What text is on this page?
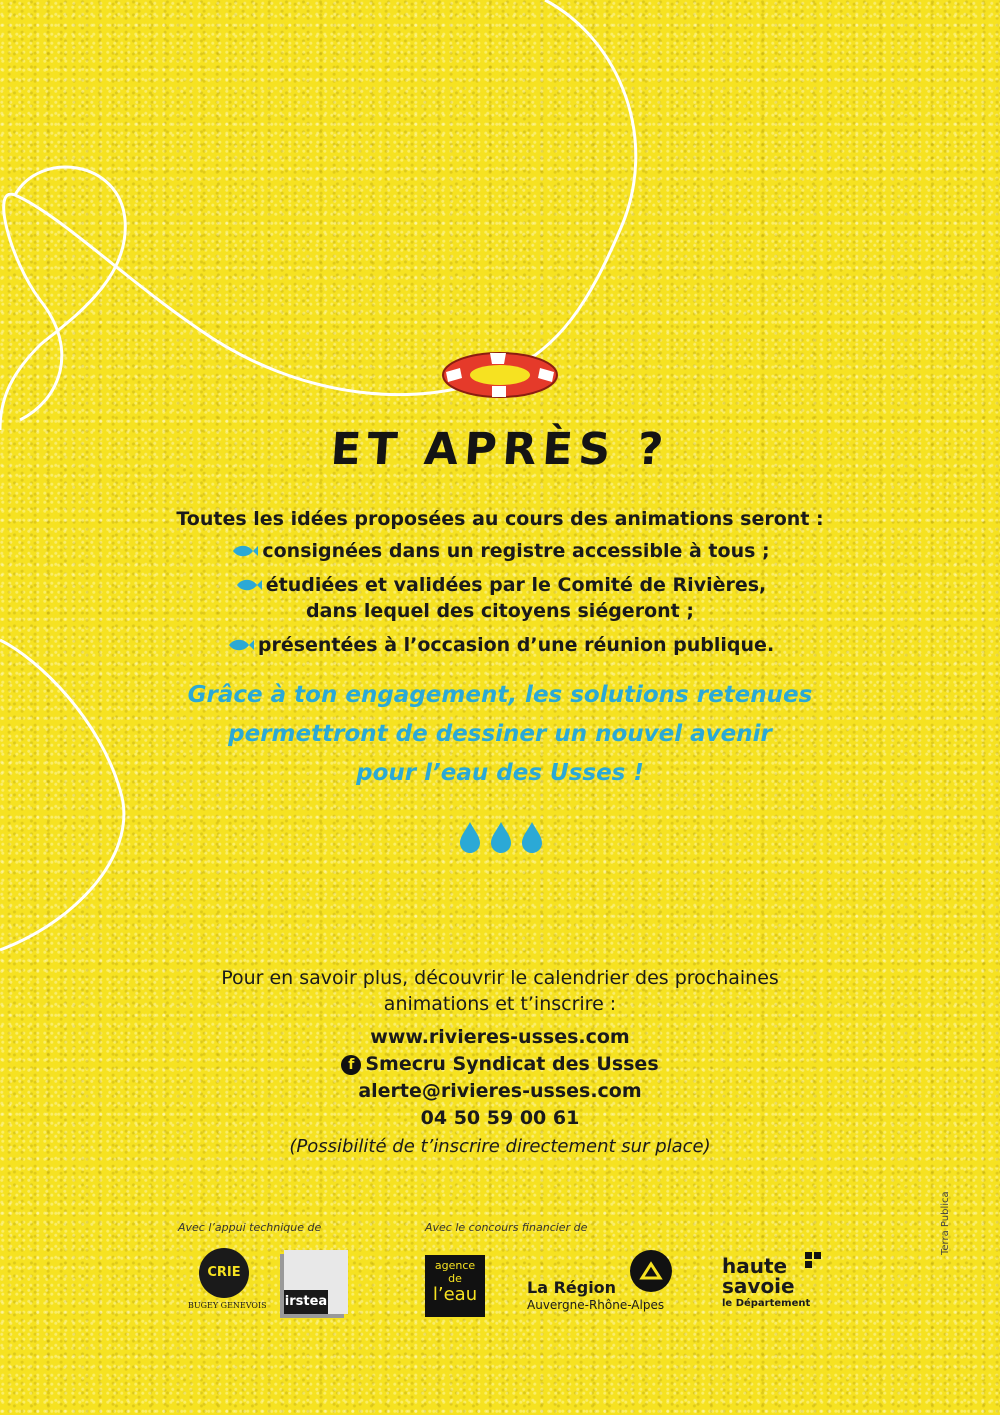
ET APRÈS ?
Toutes les idées proposées au cours des animations seront :
consignées dans un registre accessible à tous ;
étudiées et validées par le Comité de Rivières,
dans lequel des citoyens siégeront ;
présentées à l’occasion d’une réunion publique.
Grâce à ton engagement, les solutions retenues
permettront de dessiner un nouvel avenir
pour l’eau des Usses !
Pour en savoir plus, découvrir le calendrier des prochaines
animations et t’inscrire :
www.rivieres-usses.com
f Smecru Syndicat des Usses
alerte@rivieres-usses.com
04 50 59 00 61
(Possibilité de t’inscrire directement sur place)
Avec l’appui technique de	Avec le concours financier de
CRIE
BUGEY GENEVOIS irstea
agence
de
l’eau	La Région
Auvergne-Rhône-Alpes
haute
savoie
le Département
Terra Publica
